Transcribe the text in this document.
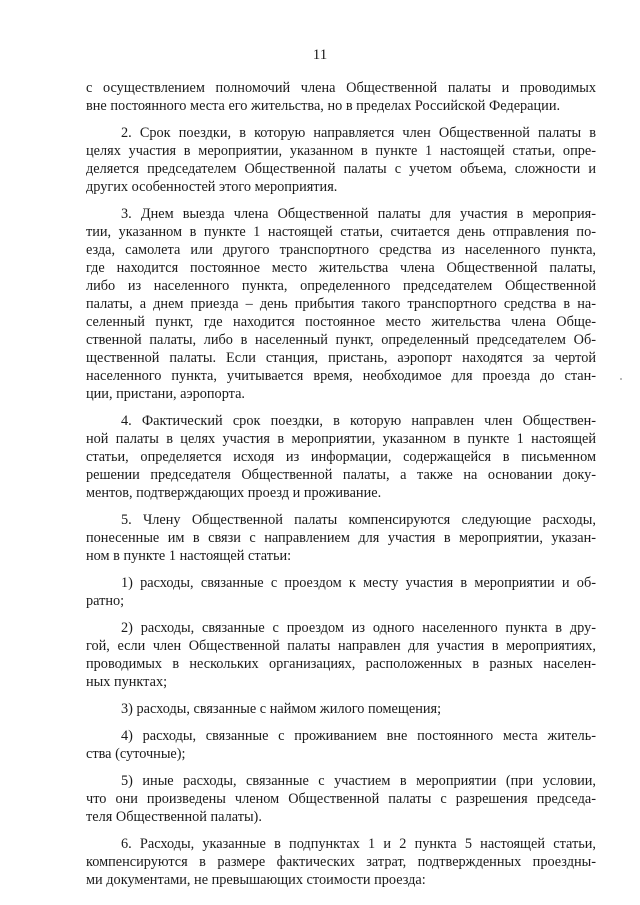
11
с осуществлением полномочий члена Общественной палаты и проводимых
вне постоянного места его жительства, но в пределах Российской Федерации.
2. Срок поездки, в которую направляется член Общественной палаты в
целях участия в мероприятии, указанном в пункте 1 настоящей статьи, опре-
деляется председателем Общественной палаты с учетом объема, сложности и
других особенностей этого мероприятия.
3. Днем выезда члена Общественной палаты для участия в мероприя-
тии, указанном в пункте 1 настоящей статьи, считается день отправления по-
езда, самолета или другого транспортного средства из населенного пункта,
где находится постоянное место жительства члена Общественной палаты,
либо из населенного пункта, определенного председателем Общественной
палаты, а днем приезда – день прибытия такого транспортного средства в на-
селенный пункт, где находится постоянное место жительства члена Обще-
ственной палаты, либо в населенный пункт, определенный председателем Об-
щественной палаты. Если станция, пристань, аэропорт находятся за чертой
населенного пункта, учитывается время, необходимое для проезда до стан-
ции, пристани, аэропорта.
4. Фактический срок поездки, в которую направлен член Обществен-
ной палаты в целях участия в мероприятии, указанном в пункте 1 настоящей
статьи, определяется исходя из информации, содержащейся в письменном
решении председателя Общественной палаты, а также на основании доку-
ментов, подтверждающих проезд и проживание.
5. Члену Общественной палаты компенсируются следующие расходы,
понесенные им в связи с направлением для участия в мероприятии, указан-
ном в пункте 1 настоящей статьи:
1) расходы, связанные с проездом к месту участия в мероприятии и об-
ратно;
2) расходы, связанные с проездом из одного населенного пункта в дру-
гой, если член Общественной палаты направлен для участия в мероприятиях,
проводимых в нескольких организациях, расположенных в разных населен-
ных пунктах;
3) расходы, связанные с наймом жилого помещения;
4) расходы, связанные с проживанием вне постоянного места житель-
ства (суточные);
5) иные расходы, связанные с участием в мероприятии (при условии,
что они произведены членом Общественной палаты с разрешения председа-
теля Общественной палаты).
6. Расходы, указанные в подпунктах 1 и 2 пункта 5 настоящей статьи,
компенсируются в размере фактических затрат, подтвержденных проездны-
ми документами, не превышающих стоимости проезда:
